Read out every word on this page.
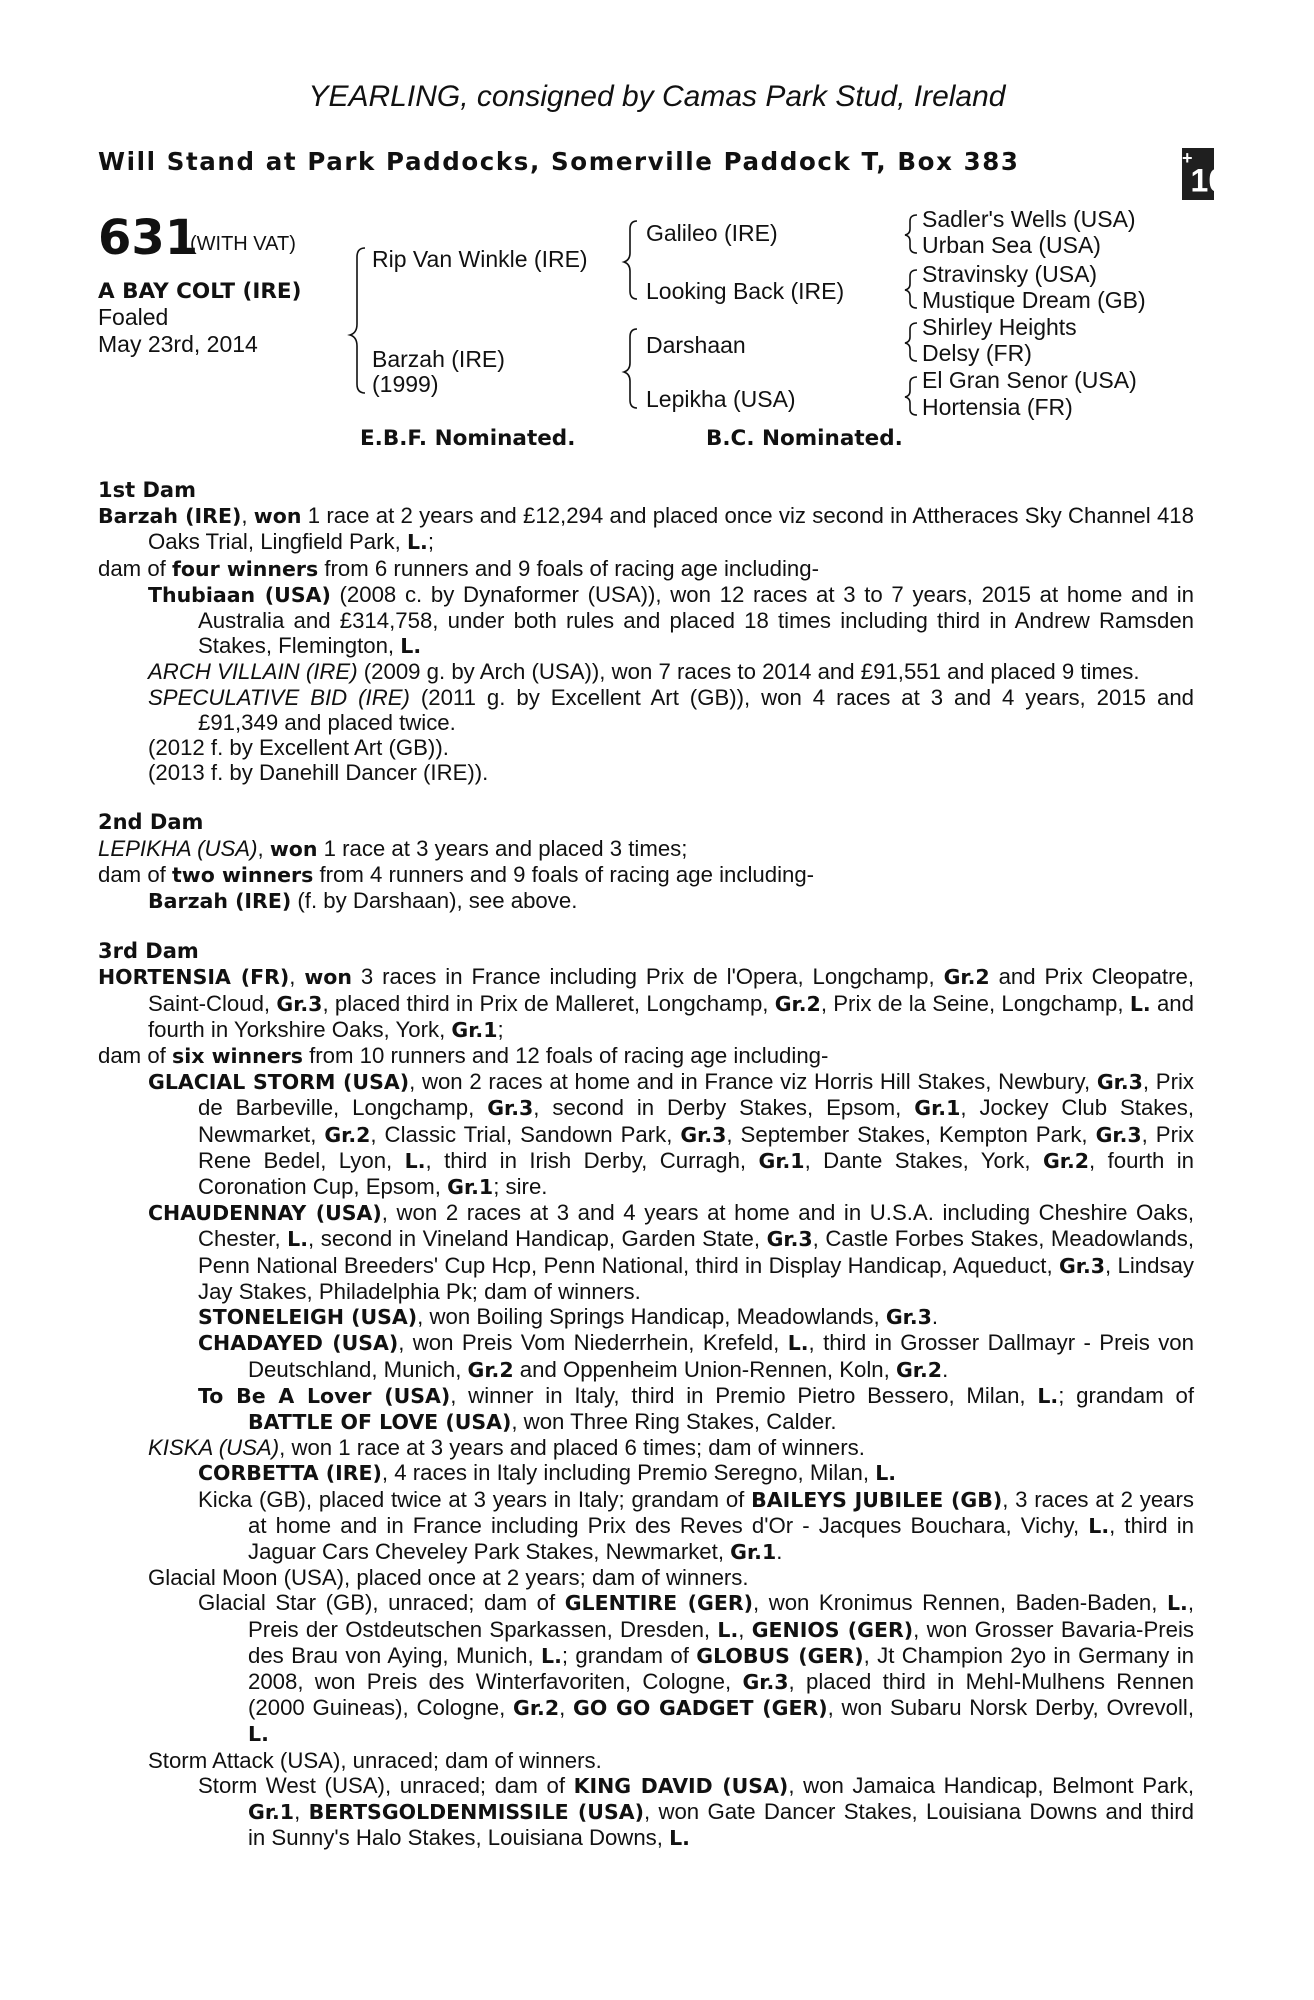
YEARLING, consigned by Camas Park Stud, Ireland
Will Stand at Park Paddocks, Somerville Paddock T, Box 383	+10
631
(WITH VAT)
A BAY COLT (IRE)
Foaled
May 23rd, 2014
Rip Van Winkle (IRE)
Barzah (IRE)
(1999)
Galileo (IRE)
Looking Back (IRE)
Darshaan
Lepikha (USA)
Sadler's Wells (USA)
Urban Sea (USA)
Stravinsky (USA)
Mustique Dream (GB)
Shirley Heights
Delsy (FR)
El Gran Senor (USA)
Hortensia (FR)
E.B.F. Nominated.	B.C. Nominated.
1st Dam
Barzah (IRE), won 1 race at 2 years and £12,294 and placed once viz second in Attheraces Sky Channel 418 Oaks Trial, Lingfield Park, L.;
dam of four winners from 6 runners and 9 foals of racing age including-
Thubiaan (USA) (2008 c. by Dynaformer (USA)), won 12 races at 3 to 7 years, 2015 at home and in Australia and £314,758, under both rules and placed 18 times including third in Andrew Ramsden Stakes, Flemington, L.
ARCH VILLAIN (IRE) (2009 g. by Arch (USA)), won 7 races to 2014 and £91,551 and placed 9 times.
SPECULATIVE BID (IRE) (2011 g. by Excellent Art (GB)), won 4 races at 3 and 4 years, 2015 and £91,349 and placed twice.
(2012 f. by Excellent Art (GB)).
(2013 f. by Danehill Dancer (IRE)).
2nd Dam
LEPIKHA (USA), won 1 race at 3 years and placed 3 times;
dam of two winners from 4 runners and 9 foals of racing age including-
Barzah (IRE) (f. by Darshaan), see above.
3rd Dam
HORTENSIA (FR), won 3 races in France including Prix de l'Opera, Longchamp, Gr.2 and Prix Cleopatre, Saint-Cloud, Gr.3, placed third in Prix de Malleret, Longchamp, Gr.2, Prix de la Seine, Longchamp, L. and fourth in Yorkshire Oaks, York, Gr.1;
dam of six winners from 10 runners and 12 foals of racing age including-
GLACIAL STORM (USA), won 2 races at home and in France viz Horris Hill Stakes, Newbury, Gr.3, Prix de Barbeville, Longchamp, Gr.3, second in Derby Stakes, Epsom, Gr.1, Jockey Club Stakes, Newmarket, Gr.2, Classic Trial, Sandown Park, Gr.3, September Stakes, Kempton Park, Gr.3, Prix Rene Bedel, Lyon, L., third in Irish Derby, Curragh, Gr.1, Dante Stakes, York, Gr.2, fourth in Coronation Cup, Epsom, Gr.1; sire.
CHAUDENNAY (USA), won 2 races at 3 and 4 years at home and in U.S.A. including Cheshire Oaks, Chester, L., second in Vineland Handicap, Garden State, Gr.3, Castle Forbes Stakes, Meadowlands, Penn National Breeders' Cup Hcp, Penn National, third in Display Handicap, Aqueduct, Gr.3, Lindsay Jay Stakes, Philadelphia Pk; dam of winners.
STONELEIGH (USA), won Boiling Springs Handicap, Meadowlands, Gr.3.
CHADAYED (USA), won Preis Vom Niederrhein, Krefeld, L., third in Grosser Dallmayr - Preis von Deutschland, Munich, Gr.2 and Oppenheim Union-Rennen, Koln, Gr.2.
To Be A Lover (USA), winner in Italy, third in Premio Pietro Bessero, Milan, L.; grandam of BATTLE OF LOVE (USA), won Three Ring Stakes, Calder.
KISKA (USA), won 1 race at 3 years and placed 6 times; dam of winners.
CORBETTA (IRE), 4 races in Italy including Premio Seregno, Milan, L.
Kicka (GB), placed twice at 3 years in Italy; grandam of BAILEYS JUBILEE (GB), 3 races at 2 years at home and in France including Prix des Reves d'Or - Jacques Bouchara, Vichy, L., third in Jaguar Cars Cheveley Park Stakes, Newmarket, Gr.1.
Glacial Moon (USA), placed once at 2 years; dam of winners.
Glacial Star (GB), unraced; dam of GLENTIRE (GER), won Kronimus Rennen, Baden-Baden, L., Preis der Ostdeutschen Sparkassen, Dresden, L., GENIOS (GER), won Grosser Bavaria-Preis des Brau von Aying, Munich, L.; grandam of GLOBUS (GER), Jt Champion 2yo in Germany in 2008, won Preis des Winterfavoriten, Cologne, Gr.3, placed third in Mehl-Mulhens Rennen (2000 Guineas), Cologne, Gr.2, GO GO GADGET (GER), won Subaru Norsk Derby, Ovrevoll, L.
Storm Attack (USA), unraced; dam of winners.
Storm West (USA), unraced; dam of KING DAVID (USA), won Jamaica Handicap, Belmont Park, Gr.1, BERTSGOLDENMISSILE (USA), won Gate Dancer Stakes, Louisiana Downs and third in Sunny's Halo Stakes, Louisiana Downs, L.
